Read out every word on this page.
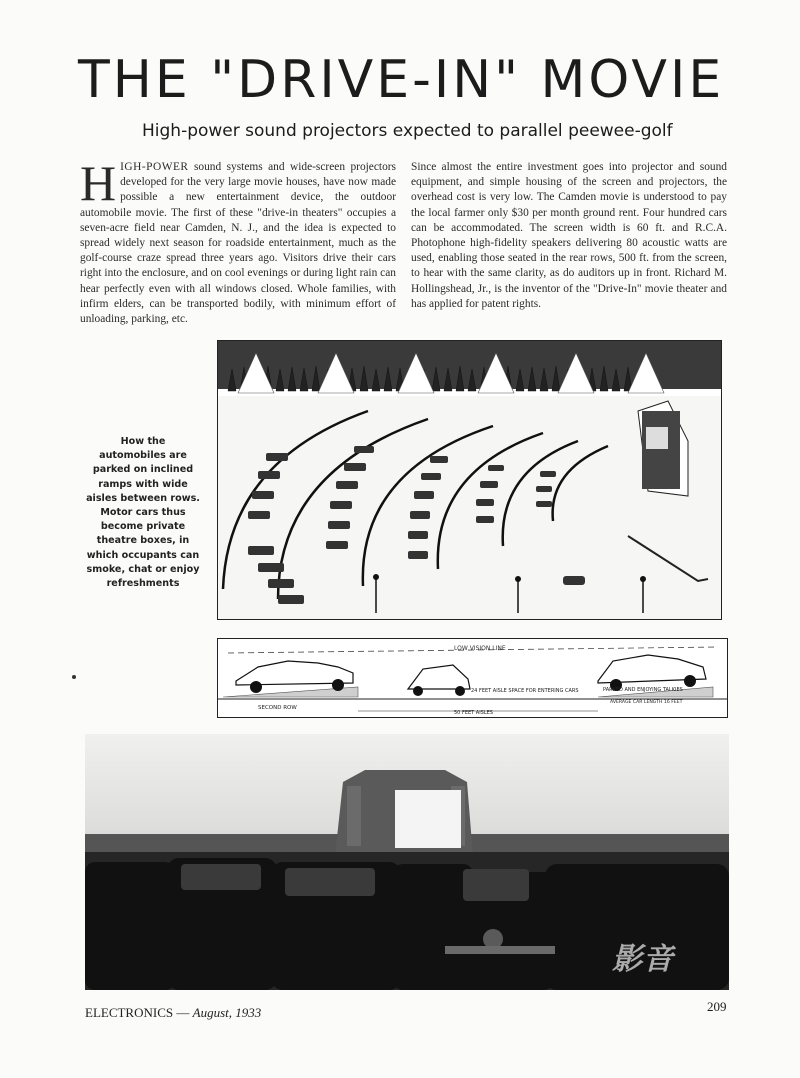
THE "DRIVE-IN" MOVIE
High-power sound projectors expected to parallel peewee-golf
HIGH-POWER sound systems and wide-screen projectors developed for the very large movie houses, have now made possible a new entertainment device, the outdoor automobile movie. The first of these "drive-in theaters" occupies a seven-acre field near Camden, N. J., and the idea is expected to spread widely next season for roadside entertainment, much as the golf-course craze spread three years ago. Visitors drive their cars right into the enclosure, and on cool evenings or during light rain can hear perfectly even with all windows closed. Whole families, with infirm elders, can be transported bodily, with minimum effort of unloading, parking, etc.
Since almost the entire investment goes into projector and sound equipment, and simple housing of the screen and projectors, the overhead cost is very low. The Camden movie is understood to pay the local farmer only $30 per month ground rent. Four hundred cars can be accommodated. The screen width is 60 ft. and R.C.A. Photophone high-fidelity speakers delivering 80 acoustic watts are used, enabling those seated in the rear rows, 500 ft. from the screen, to hear with the same clarity, as do auditors up in front. Richard M. Hollingshead, Jr., is the inventor of the "Drive-In" movie theater and has applied for patent rights.
How the automobiles are parked on inclined ramps with wide aisles between rows. Motor cars thus become private theatre boxes, in which occupants can smoke, chat or enjoy refreshments
LOW VISION LINE
SECOND ROW
24 FEET AISLE SPACE FOR ENTERING CARS	PARKED AND ENJOYING TALKIES
AVERAGE CAR LENGTH 16 FEET
50 FEET AISLES
影音
ELECTRONICS — August, 1933	209
